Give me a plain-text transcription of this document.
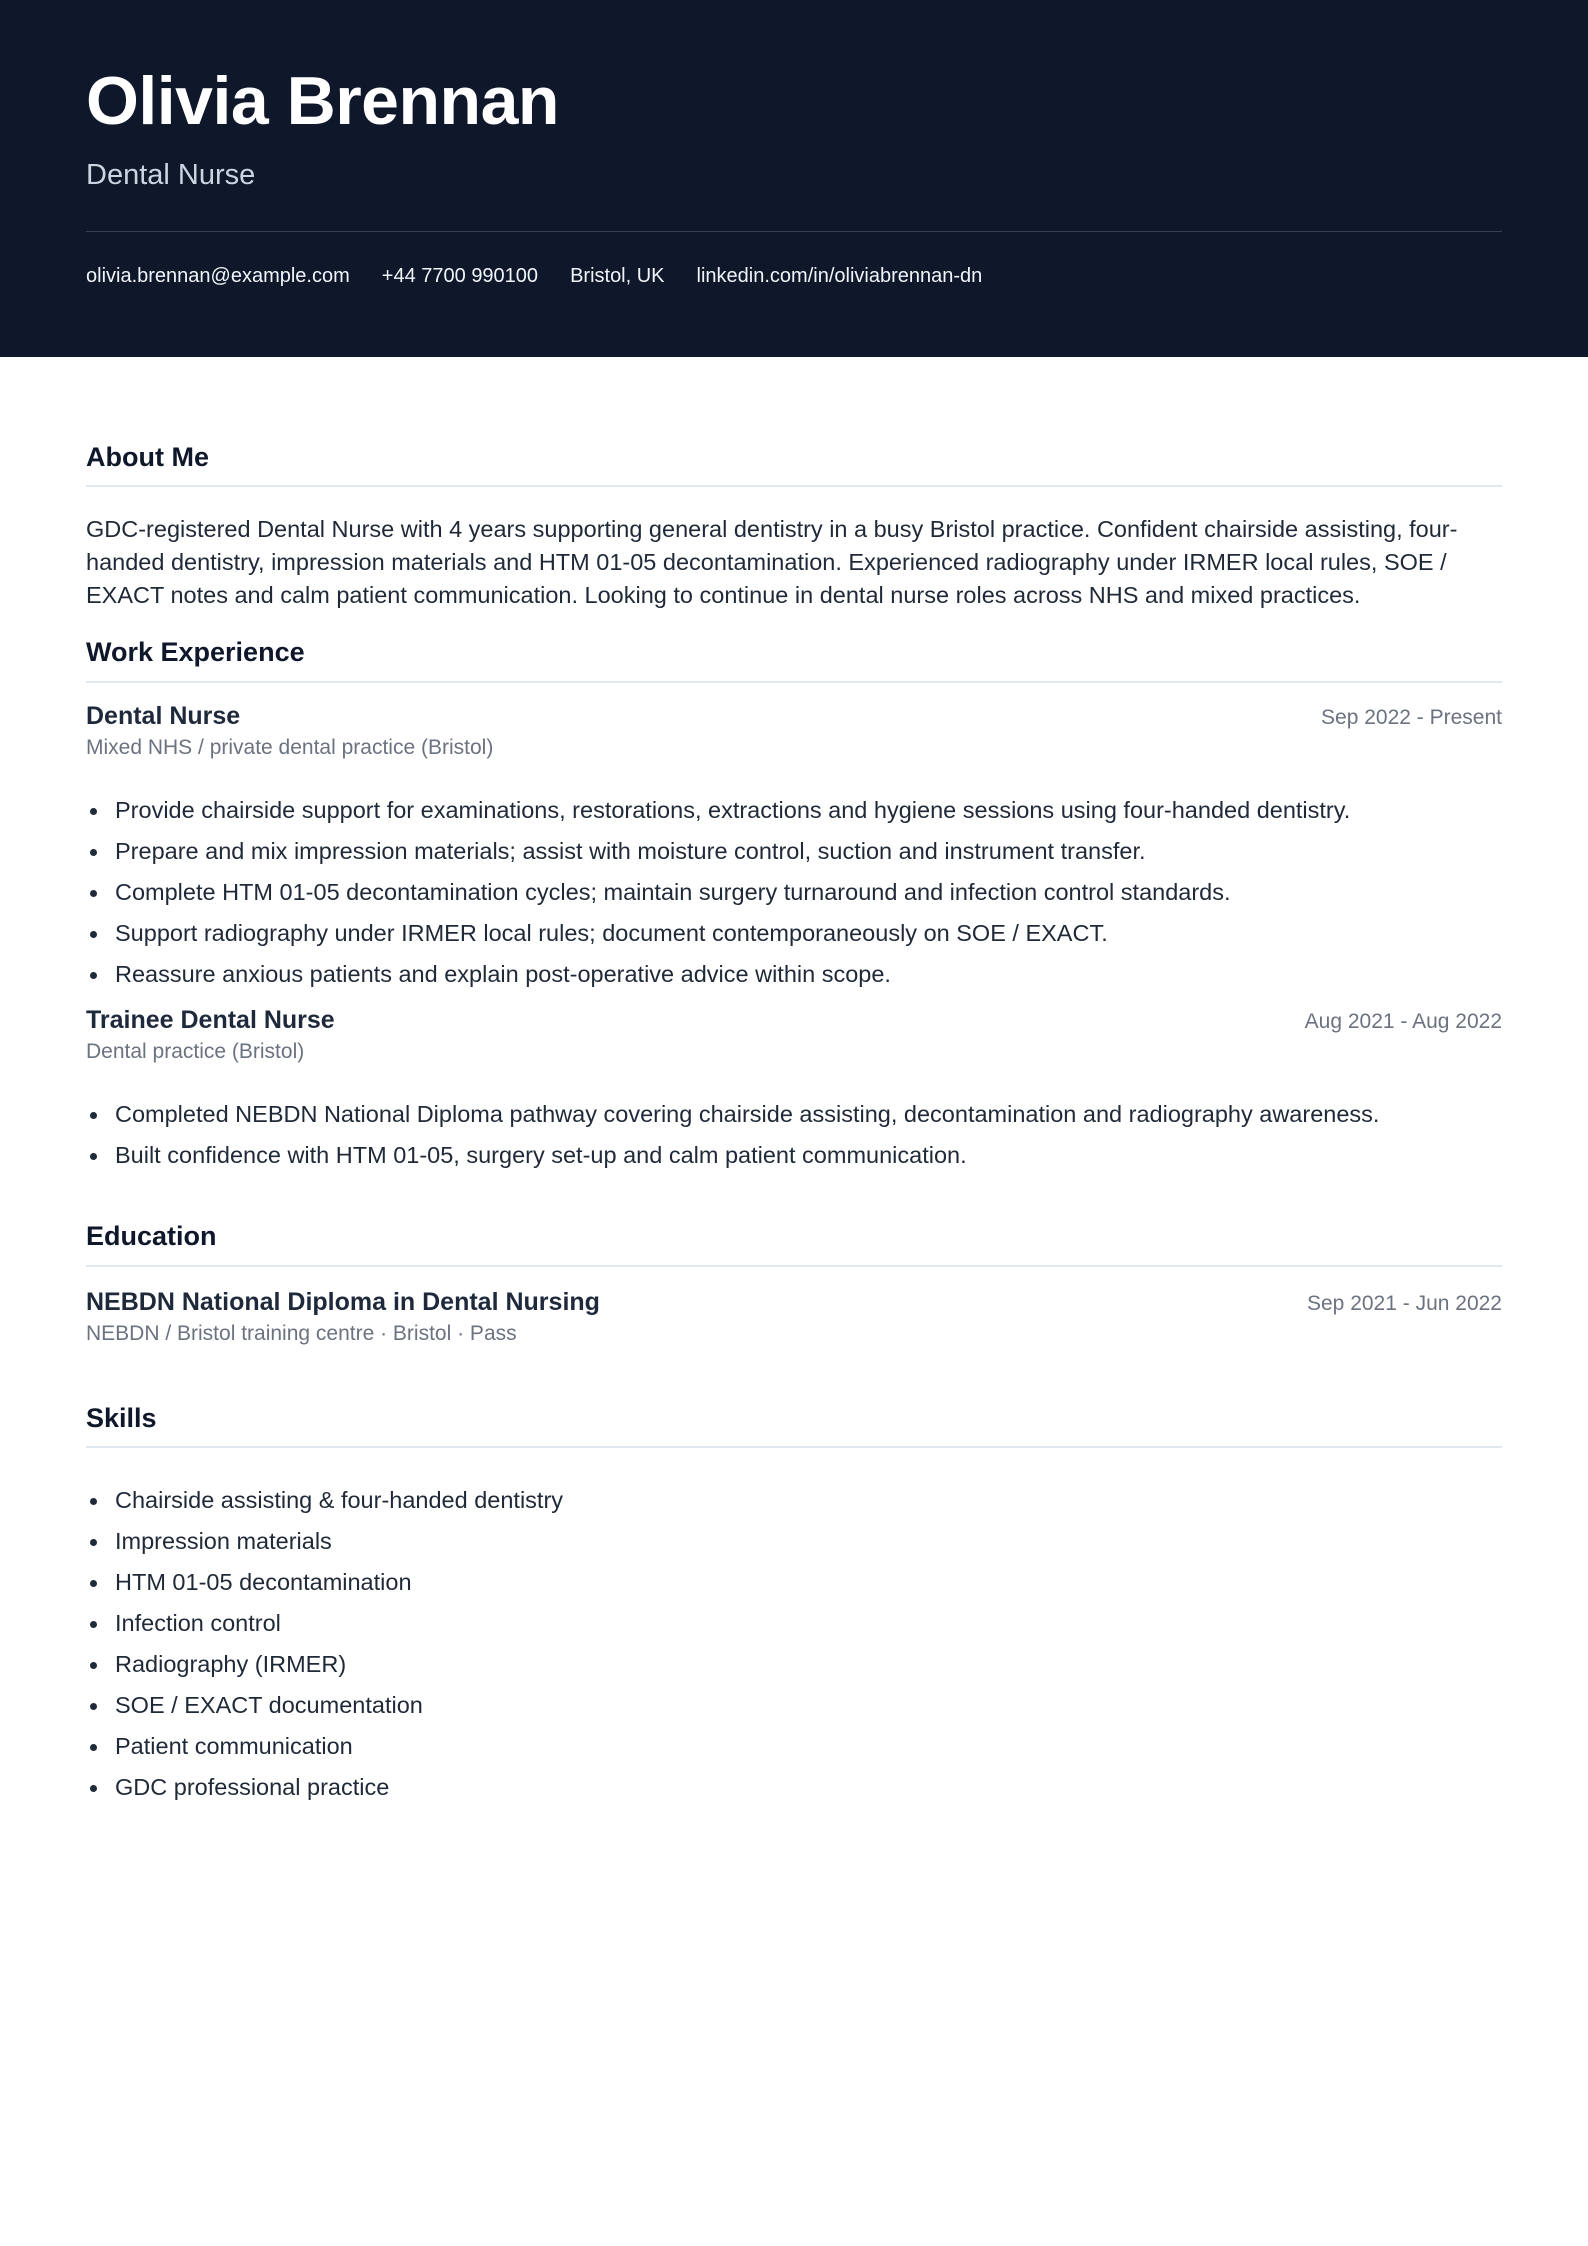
Olivia Brennan
Dental Nurse
olivia.brennan@example.com +44 7700 990100 Bristol, UK linkedin.com/in/oliviabrennan-dn
About Me

GDC-registered Dental Nurse with 4 years supporting general dentistry in a busy Bristol practice. Confident chairside assisting, four-handed dentistry, impression materials and HTM 01-05 decontamination. Experienced radiography under IRMER local rules, SOE / EXACT notes and calm patient communication. Looking to continue in dental nurse roles across NHS and mixed practices.

Work Experience
Dental Nurse	Sep 2022 - Present
Mixed NHS / private dental practice (Bristol)
Provide chairside support for examinations, restorations, extractions and hygiene sessions using four-handed dentistry.
Prepare and mix impression materials; assist with moisture control, suction and instrument transfer.
Complete HTM 01-05 decontamination cycles; maintain surgery turnaround and infection control standards.
Support radiography under IRMER local rules; document contemporaneously on SOE / EXACT.
Reassure anxious patients and explain post-operative advice within scope.
Trainee Dental Nurse	Aug 2021 - Aug 2022
Dental practice (Bristol)
Completed NEBDN National Diploma pathway covering chairside assisting, decontamination and radiography awareness.
Built confidence with HTM 01-05, surgery set-up and calm patient communication.
Education
NEBDN National Diploma in Dental Nursing	Sep 2021 - Jun 2022
NEBDN / Bristol training centre · Bristol · Pass
Skills
Chairside assisting & four-handed dentistry
Impression materials
HTM 01-05 decontamination
Infection control
Radiography (IRMER)
SOE / EXACT documentation
Patient communication
GDC professional practice
